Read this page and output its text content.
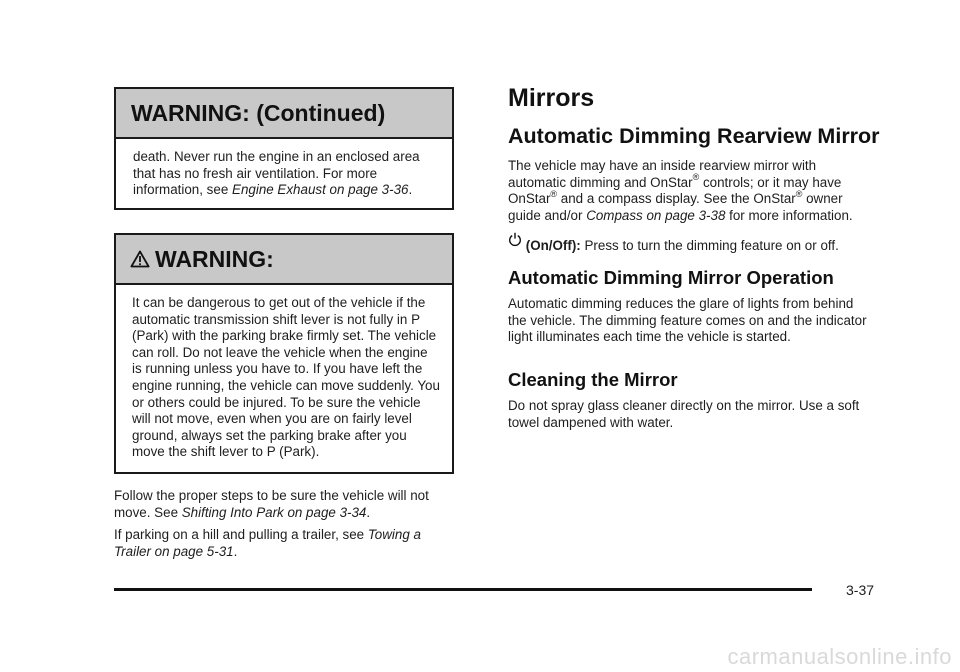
WARNING: (Continued)
death. Never run the engine in an enclosed area that has no fresh air ventilation. For more information, see Engine Exhaust on page 3-36.
WARNING:
It can be dangerous to get out of the vehicle if the automatic transmission shift lever is not fully in P (Park) with the parking brake firmly set. The vehicle can roll. Do not leave the vehicle when the engine is running unless you have to. If you have left the engine running, the vehicle can move suddenly. You or others could be injured. To be sure the vehicle will not move, even when you are on fairly level ground, always set the parking brake after you move the shift lever to P (Park).

Follow the proper steps to be sure the vehicle will not move. See Shifting Into Park on page 3-34.

If parking on a hill and pulling a trailer, see Towing a Trailer on page 5-31.

Mirrors
Automatic Dimming Rearview Mirror

The vehicle may have an inside rearview mirror with automatic dimming and OnStar® controls; or it may have OnStar® and a compass display. See the OnStar® owner guide and/or Compass on page 3-38 for more information.

(On/Off): Press to turn the dimming feature on or off.
Automatic Dimming Mirror Operation

Automatic dimming reduces the glare of lights from behind the vehicle. The dimming feature comes on and the indicator light illuminates each time the vehicle is started.

Cleaning the Mirror

Do not spray glass cleaner directly on the mirror. Use a soft towel dampened with water.

3-37
carmanualsonline.info
